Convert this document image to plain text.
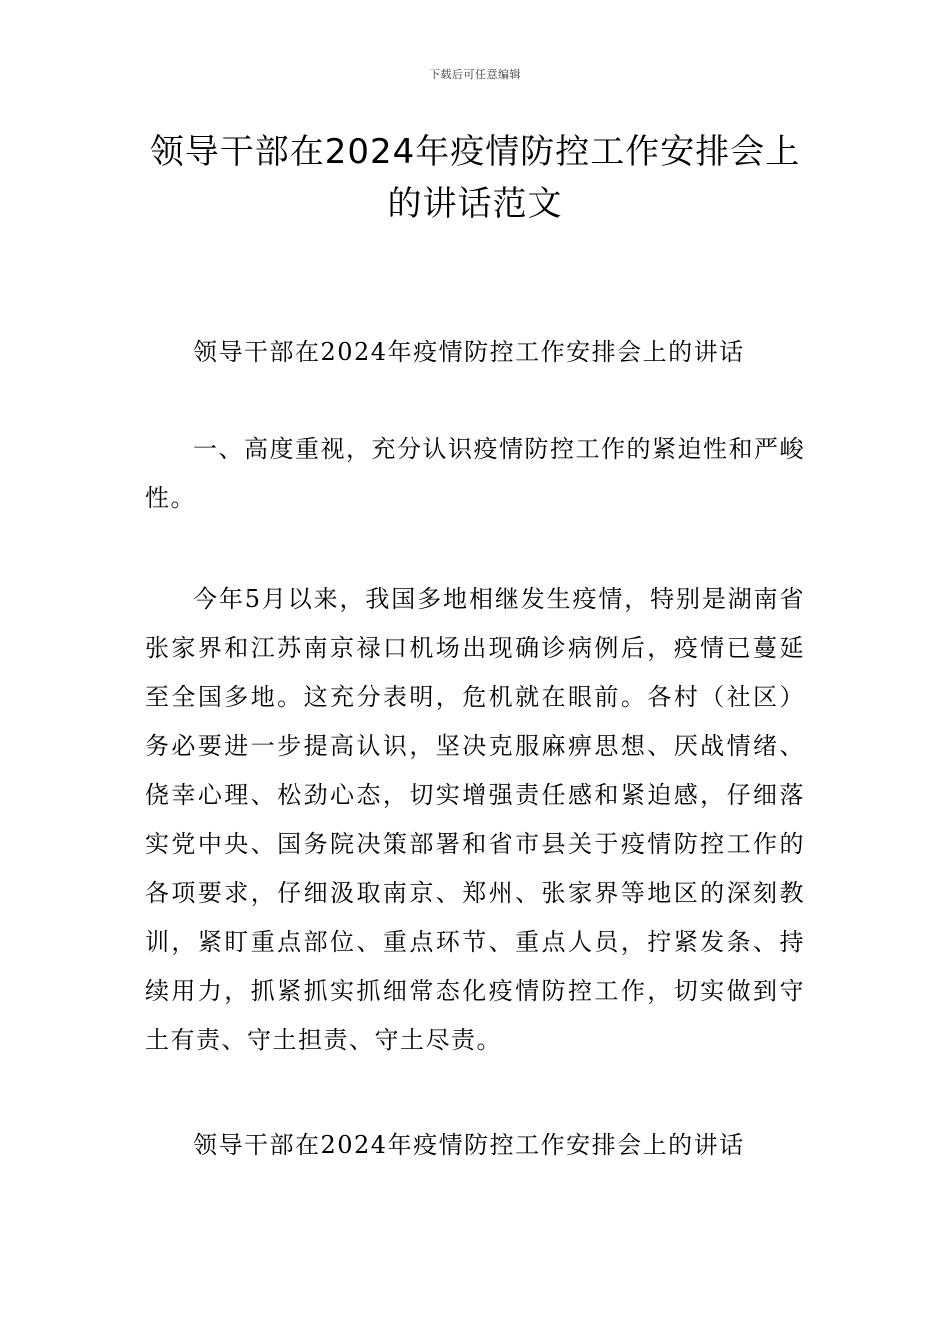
下载后可任意编辑
领导干部在2024年疫情防控工作安排会上
的讲话范文

领导干部在2024年疫情防控工作安排会上的讲话

一、高度重视，充分认识疫情防控工作的紧迫性和严峻性。

今年5月以来，我国多地相继发生疫情，特别是湖南省张家界和江苏南京禄口机场出现确诊病例后，疫情已蔓延至全国多地。这充分表明，危机就在眼前。各村（社区）务必要进一步提高认识，坚决克服麻痹思想、厌战情绪、侥幸心理、松劲心态，切实增强责任感和紧迫感，仔细落实党中央、国务院决策部署和省市县关于疫情防控工作的各项要求，仔细汲取南京、郑州、张家界等地区的深刻教训，紧盯重点部位、重点环节、重点人员，拧紧发条、持续用力，抓紧抓实抓细常态化疫情防控工作，切实做到守土有责、守土担责、守土尽责。

领导干部在2024年疫情防控工作安排会上的讲话
